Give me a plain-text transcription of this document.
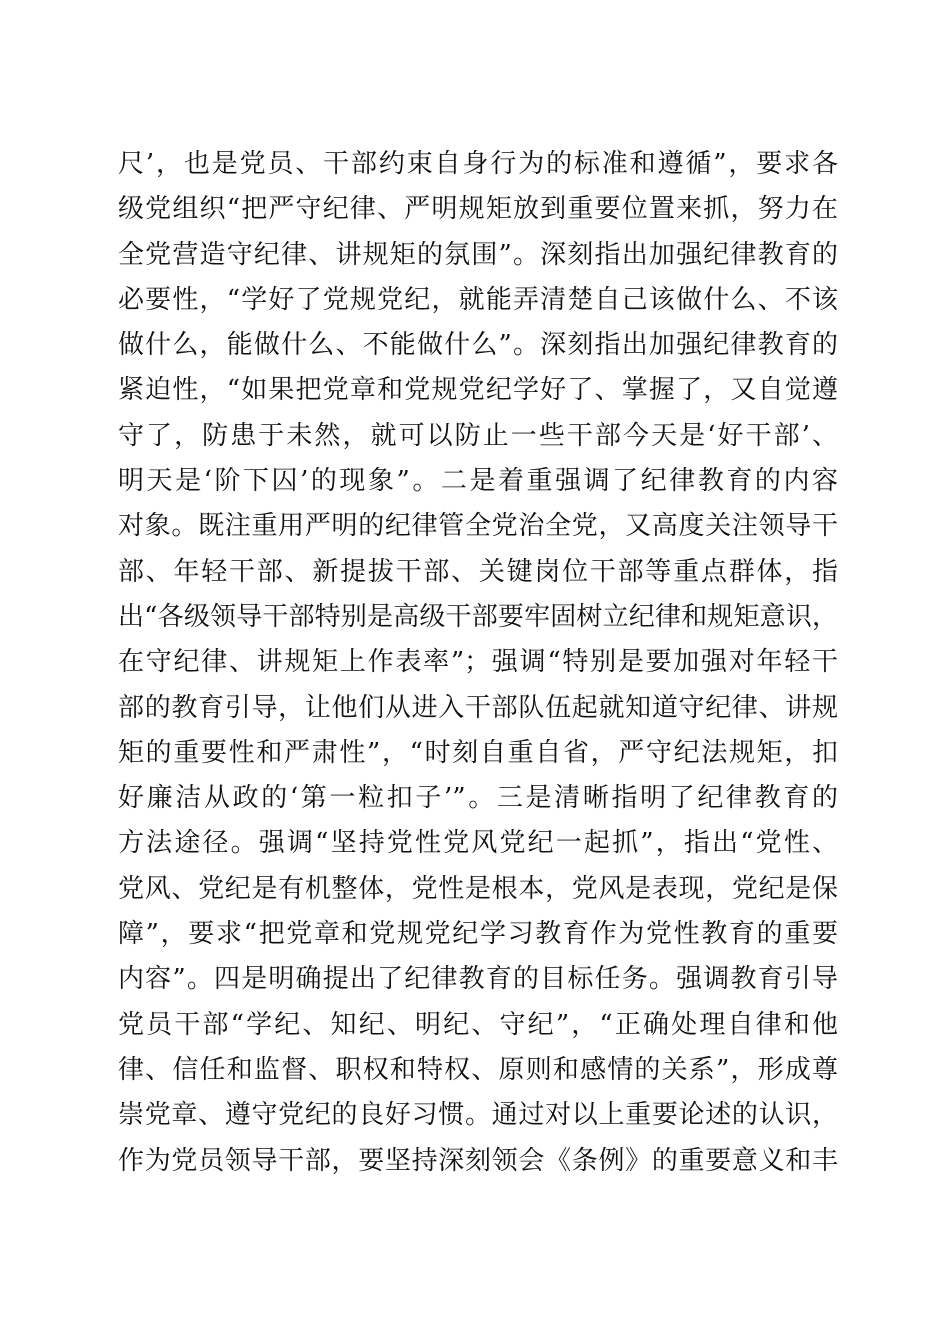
尺’，也是党员、干部约束自身行为的标准和遵循”，要求各
级党组织“把严守纪律、严明规矩放到重要位置来抓，努力在
全党营造守纪律、讲规矩的氛围”。深刻指出加强纪律教育的
必要性，“学好了党规党纪，就能弄清楚自己该做什么、不该
做什么，能做什么、不能做什么”。深刻指出加强纪律教育的
紧迫性，“如果把党章和党规党纪学好了、掌握了，又自觉遵
守了，防患于未然，就可以防止一些干部今天是‘好干部’、
明天是‘阶下囚’的现象”。二是着重强调了纪律教育的内容
对象。既注重用严明的纪律管全党治全党，又高度关注领导干
部、年轻干部、新提拔干部、关键岗位干部等重点群体，指
出“各级领导干部特别是高级干部要牢固树立纪律和规矩意识，
在守纪律、讲规矩上作表率”；强调“特别是要加强对年轻干
部的教育引导，让他们从进入干部队伍起就知道守纪律、讲规
矩的重要性和严肃性”，“时刻自重自省，严守纪法规矩，扣
好廉洁从政的‘第一粒扣子’”。三是清晰指明了纪律教育的
方法途径。强调“坚持党性党风党纪一起抓”，指出“党性、
党风、党纪是有机整体，党性是根本，党风是表现，党纪是保
障”，要求“把党章和党规党纪学习教育作为党性教育的重要
内容”。四是明确提出了纪律教育的目标任务。强调教育引导
党员干部“学纪、知纪、明纪、守纪”，“正确处理自律和他
律、信任和监督、职权和特权、原则和感情的关系”，形成尊
崇党章、遵守党纪的良好习惯。通过对以上重要论述的认识，
作为党员领导干部，要坚持深刻领会《条例》的重要意义和丰
